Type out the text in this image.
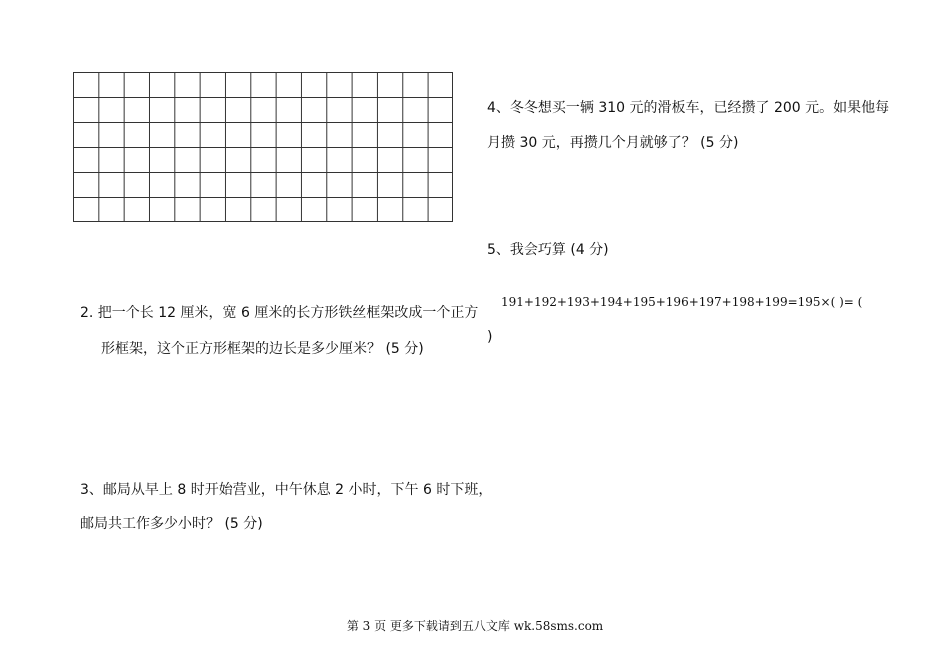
2. 把一个长 12 厘米，宽 6 厘米的长方形铁丝框架改成一个正方
形框架，这个正方形框架的边长是多少厘米？ (5 分)
3、邮局从早上 8 时开始营业，中午休息 2 小时，下午 6 时下班，
邮局共工作多少小时？ (5 分)
4、冬冬想买一辆 310 元的滑板车，已经攒了 200 元。如果他每
月攒 30 元，再攒几个月就够了？ (5 分)
5、我会巧算 (4 分)
191+192+193+194+195+196+197+198+199=195×( )= (
)
第 3 页 更多下载请到五八文库 wk.58sms.com
